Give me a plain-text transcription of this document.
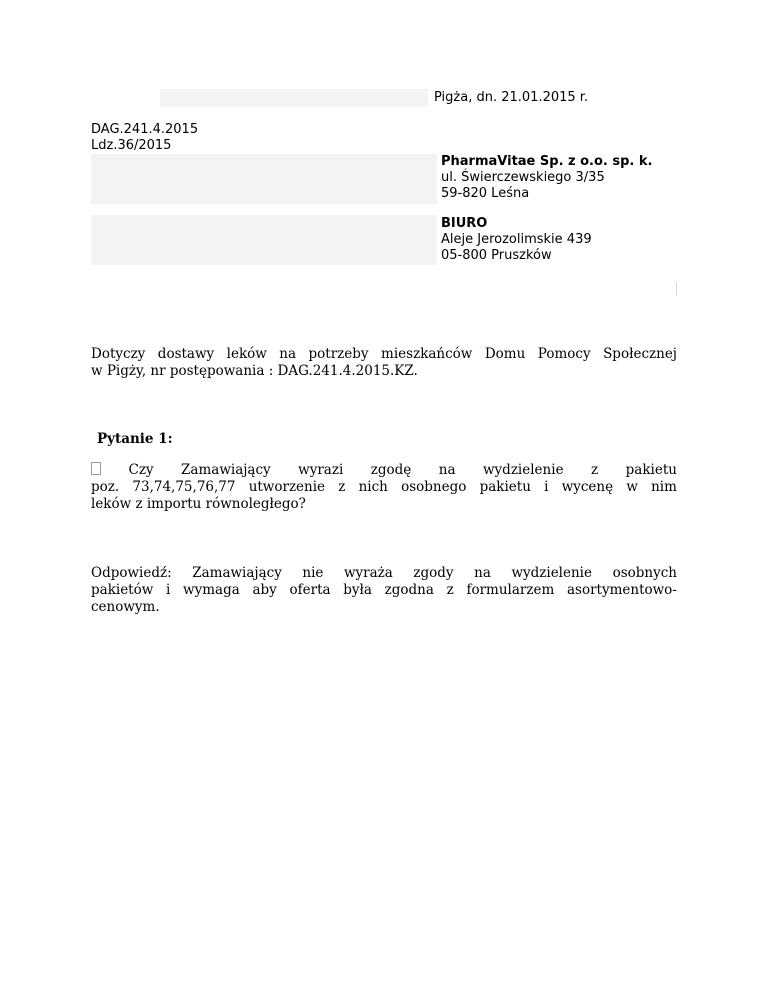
Pigża, dn. 21.01.2015 r.
DAG.241.4.2015
Ldz.36/2015
PharmaVitae Sp. z o.o. sp. k.
ul. Świerczewskiego 3/35
59-820 Leśna
BIURO
Aleje Jerozolimskie 439
05-800 Pruszków
Dotyczy dostawy leków na potrzeby mieszkańców Domu Pomocy Społecznej
w Pigży, nr postępowania : DAG.241.4.2015.KZ.
Pytanie 1:
Czy Zamawiający wyrazi zgodę na wydzielenie z pakietu
poz. 73,74,75,76,77 utworzenie z nich osobnego pakietu i wycenę w nim
leków z importu równoległego?
Odpowiedź: Zamawiający nie wyraża zgody na wydzielenie osobnych
pakietów i wymaga aby oferta była zgodna z formularzem asortymentowo-
cenowym.
